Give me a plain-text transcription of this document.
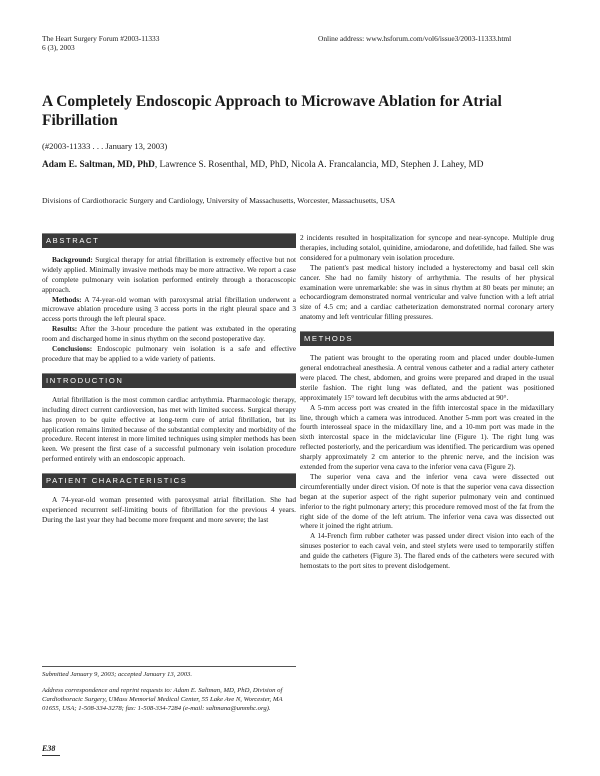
The Heart Surgery Forum #2003-11333
6 (3), 2003
Online address: www.hsforum.com/vol6/issue3/2003-11333.html
A Completely Endoscopic Approach to Microwave Ablation for Atrial Fibrillation
(#2003-11333 . . . January 13, 2003)
Adam E. Saltman, MD, PhD, Lawrence S. Rosenthal, MD, PhD, Nicola A. Francalancia, MD, Stephen J. Lahey, MD
Divisions of Cardiothoracic Surgery and Cardiology, University of Massachusetts, Worcester, Massachusetts, USA
ABSTRACT

Background: Surgical therapy for atrial fibrillation is extremely effective but not widely applied. Minimally invasive methods may be more attractive. We report a case of complete pulmonary vein isolation performed entirely through a thoracoscopic approach.

Methods: A 74-year-old woman with paroxysmal atrial fibrillation underwent a microwave ablation procedure using 3 access ports in the right pleural space and 3 access ports through the left pleural space.

Results: After the 3-hour procedure the patient was extubated in the operating room and discharged home in sinus rhythm on the second postoperative day.

Conclusions: Endoscopic pulmonary vein isolation is a safe and effective procedure that may be applied to a wide variety of patients.

INTRODUCTION

Atrial fibrillation is the most common cardiac arrhythmia. Pharmacologic therapy, including direct current cardioversion, has met with limited success. Surgical therapy has proven to be quite effective at long-term cure of atrial fibrillation, but its application remains limited because of the substantial complexity and morbidity of the procedure. Recent interest in more limited techniques using simpler methods has been keen. We present the first case of a successful pulmonary vein isolation procedure performed entirely with an endoscopic approach.

PATIENT CHARACTERISTICS

A 74-year-old woman presented with paroxysmal atrial fibrillation. She had experienced recurrent self-limiting bouts of fibrillation for the previous 4 years. During the last year they had become more frequent and more severe; the last

2 incidents resulted in hospitalization for syncope and near-syncope. Multiple drug therapies, including sotalol, quinidine, amiodarone, and dofetilide, had failed. She was considered for a pulmonary vein isolation procedure.

The patient's past medical history included a hysterectomy and basal cell skin cancer. She had no family history of arrhythmia. The results of her physical examination were unremarkable: she was in sinus rhythm at 80 beats per minute; an echocardiogram demonstrated normal ventricular and valve function with a left atrial size of 4.5 cm; and a cardiac catheterization demonstrated normal coronary artery anatomy and left ventricular filling pressures.

METHODS

The patient was brought to the operating room and placed under double-lumen general endotracheal anesthesia. A central venous catheter and a radial artery catheter were placed. The chest, abdomen, and groins were prepared and draped in the usual sterile fashion. The right lung was deflated, and the patient was positioned approximately 15° toward left decubitus with the arms abducted at 90°.

A 5-mm access port was created in the fifth intercostal space in the midaxillary line, through which a camera was introduced. Another 5-mm port was created in the fourth interosseal space in the midaxillary line, and a 10-mm port was made in the sixth intercostal space in the midclavicular line (Figure 1). The right lung was reflected posteriorly, and the pericardium was identified. The pericardium was opened sharply approximately 2 cm anterior to the phrenic nerve, and the incision was extended from the superior vena cava to the inferior vena cava (Figure 2).

The superior vena cava and the inferior vena cava were dissected out circumferentially under direct vision. Of note is that the superior vena cava dissection began at the superior aspect of the right superior pulmonary vein and continued inferior to the right pulmonary artery; this procedure removed most of the fat from the right side of the dome of the left atrium. The inferior vena cava was dissected out where it joined the right atrium.

A 14-French firm rubber catheter was passed under direct vision into each of the sinuses posterior to each caval vein, and steel stylets were used to temporarily stiffen and guide the catheters (Figure 3). The flared ends of the catheters were secured with hemostats to the port sites to prevent dislodgement.

Submitted January 9, 2003; accepted January 13, 2003.
Address correspondence and reprint requests to: Adam E. Saltman, MD, PhD, Division of Cardiothoracic Surgery, UMass Memorial Medical Center, 55 Lake Ave N, Worcester, MA 01655, USA; 1-508-334-3278; fax: 1-508-334-7284 (e-mail: saltmana@ummhc.org).
E38
